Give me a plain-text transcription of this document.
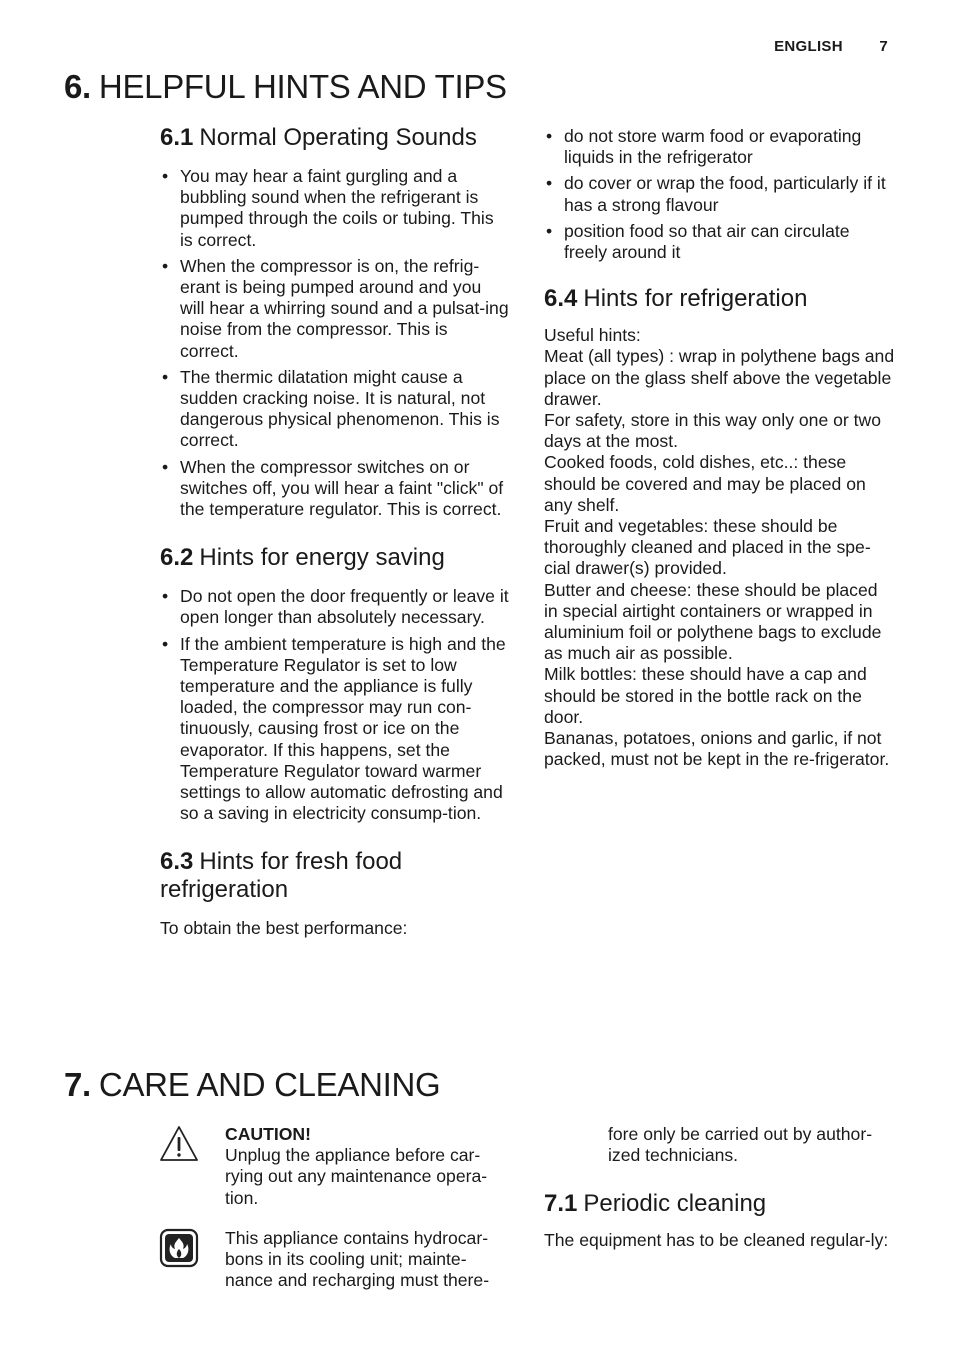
ENGLISH 7
6. HELPFUL HINTS AND TIPS
6.1 Normal Operating Sounds
• You may hear a faint gurgling and a bubbling sound when the refrigerant is pumped through the coils or tubing. This is correct.
• When the compressor is on, the refrig-erant is being pumped around and you will hear a whirring sound and a pulsat-ing noise from the compressor. This is correct.
• The thermic dilatation might cause a sudden cracking noise. It is natural, not dangerous physical phenomenon. This is correct.
• When the compressor switches on or switches off, you will hear a faint "click" of the temperature regulator. This is correct.
6.2 Hints for energy saving
• Do not open the door frequently or leave it open longer than absolutely necessary.
• If the ambient temperature is high and the Temperature Regulator is set to low temperature and the appliance is fully loaded, the compressor may run con-tinuously, causing frost or ice on the evaporator. If this happens, set the Temperature Regulator toward warmer settings to allow automatic defrosting and so a saving in electricity consump-tion.
6.3 Hints for fresh food
refrigeration

To obtain the best performance:

• do not store warm food or evaporating liquids in the refrigerator
• do cover or wrap the food, particularly if it has a strong flavour
• position food so that air can circulate freely around it
6.4 Hints for refrigeration

Useful hints:

Meat (all types) : wrap in polythene bags and place on the glass shelf above the vegetable drawer.

For safety, store in this way only one or two days at the most.

Cooked foods, cold dishes, etc..: these should be covered and may be placed on any shelf.

Fruit and vegetables: these should be thoroughly cleaned and placed in the spe-cial drawer(s) provided.

Butter and cheese: these should be placed in special airtight containers or wrapped in aluminium foil or polythene bags to exclude as much air as possible.

Milk bottles: these should have a cap and should be stored in the bottle rack on the door.

Bananas, potatoes, onions and garlic, if not packed, must not be kept in the re-frigerator.

7. CARE AND CLEANING
CAUTION!
Unplug the appliance before car-rying out any maintenance opera-tion.
This appliance contains hydrocar-bons in its cooling unit; mainte-nance and recharging must there-
fore only be carried out by author-ized technicians.
7.1 Periodic cleaning

The equipment has to be cleaned regular-ly:
